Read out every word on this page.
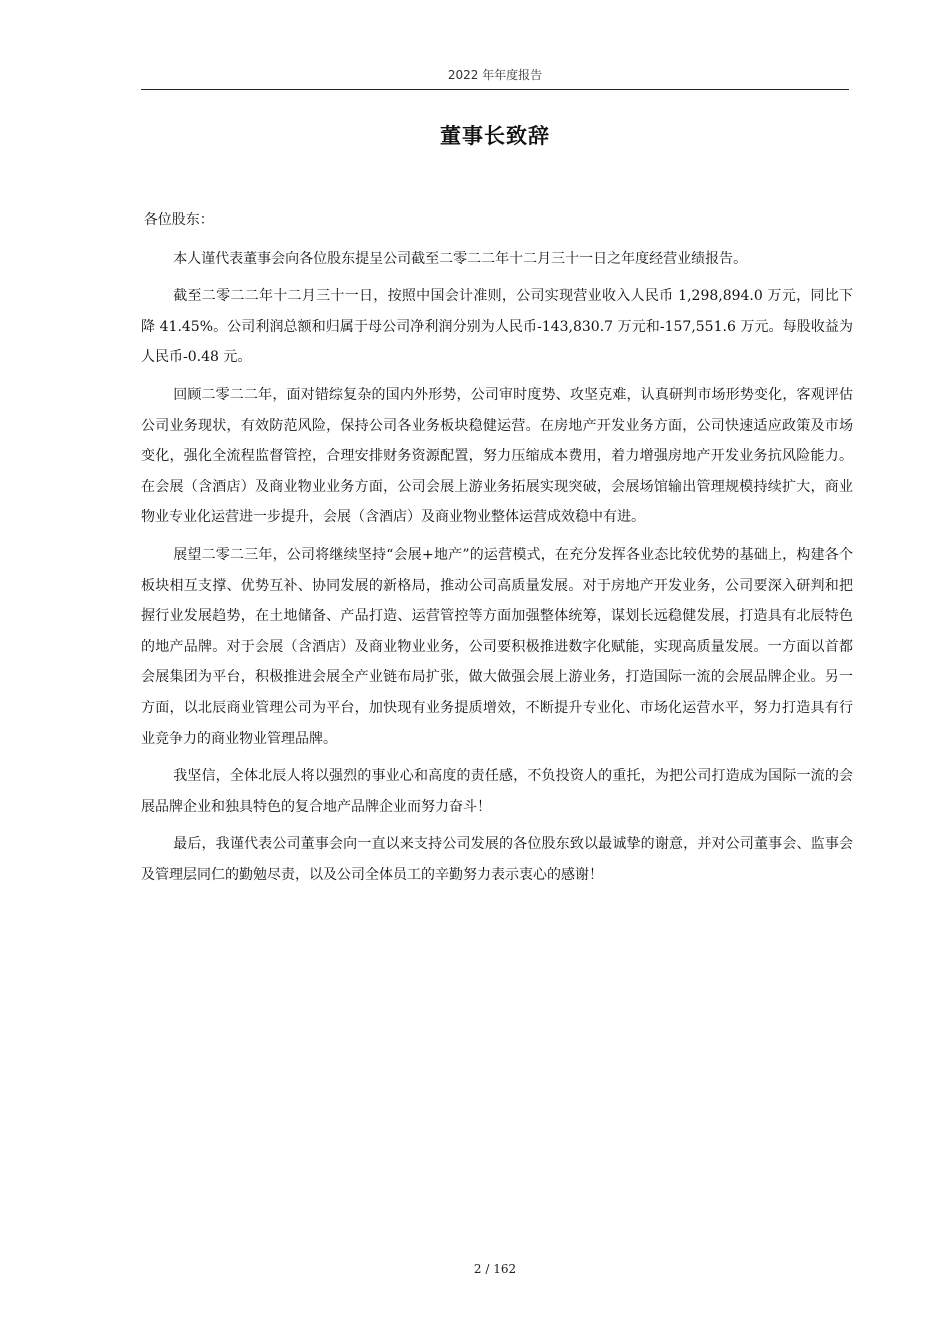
2022 年年度报告
董事长致辞

各位股东：

本人谨代表董事会向各位股东提呈公司截至二零二二年十二月三十一日之年度经营业绩报告。

截至二零二二年十二月三十一日，按照中国会计准则，公司实现营业收入人民币 1,298,894.0 万元，同比下降 41.45%。公司利润总额和归属于母公司净利润分别为人民币-143,830.7 万元和-157,551.6 万元。每股收益为人民币-0.48 元。

回顾二零二二年，面对错综复杂的国内外形势，公司审时度势、攻坚克难，认真研判市场形势变化，客观评估公司业务现状，有效防范风险，保持公司各业务板块稳健运营。在房地产开发业务方面，公司快速适应政策及市场变化，强化全流程监督管控，合理安排财务资源配置，努力压缩成本费用，着力增强房地产开发业务抗风险能力。在会展（含酒店）及商业物业业务方面，公司会展上游业务拓展实现突破，会展场馆输出管理规模持续扩大，商业物业专业化运营进一步提升，会展（含酒店）及商业物业整体运营成效稳中有进。

展望二零二三年，公司将继续坚持“会展+地产”的运营模式，在充分发挥各业态比较优势的基础上，构建各个板块相互支撑、优势互补、协同发展的新格局，推动公司高质量发展。对于房地产开发业务，公司要深入研判和把握行业发展趋势，在土地储备、产品打造、运营管控等方面加强整体统筹，谋划长远稳健发展，打造具有北辰特色的地产品牌。对于会展（含酒店）及商业物业业务，公司要积极推进数字化赋能，实现高质量发展。一方面以首都会展集团为平台，积极推进会展全产业链布局扩张，做大做强会展上游业务，打造国际一流的会展品牌企业。另一方面，以北辰商业管理公司为平台，加快现有业务提质增效，不断提升专业化、市场化运营水平，努力打造具有行业竞争力的商业物业管理品牌。

我坚信，全体北辰人将以强烈的事业心和高度的责任感，不负投资人的重托，为把公司打造成为国际一流的会展品牌企业和独具特色的复合地产品牌企业而努力奋斗！

最后，我谨代表公司董事会向一直以来支持公司发展的各位股东致以最诚挚的谢意，并对公司董事会、监事会及管理层同仁的勤勉尽责，以及公司全体员工的辛勤努力表示衷心的感谢！

2 / 162
